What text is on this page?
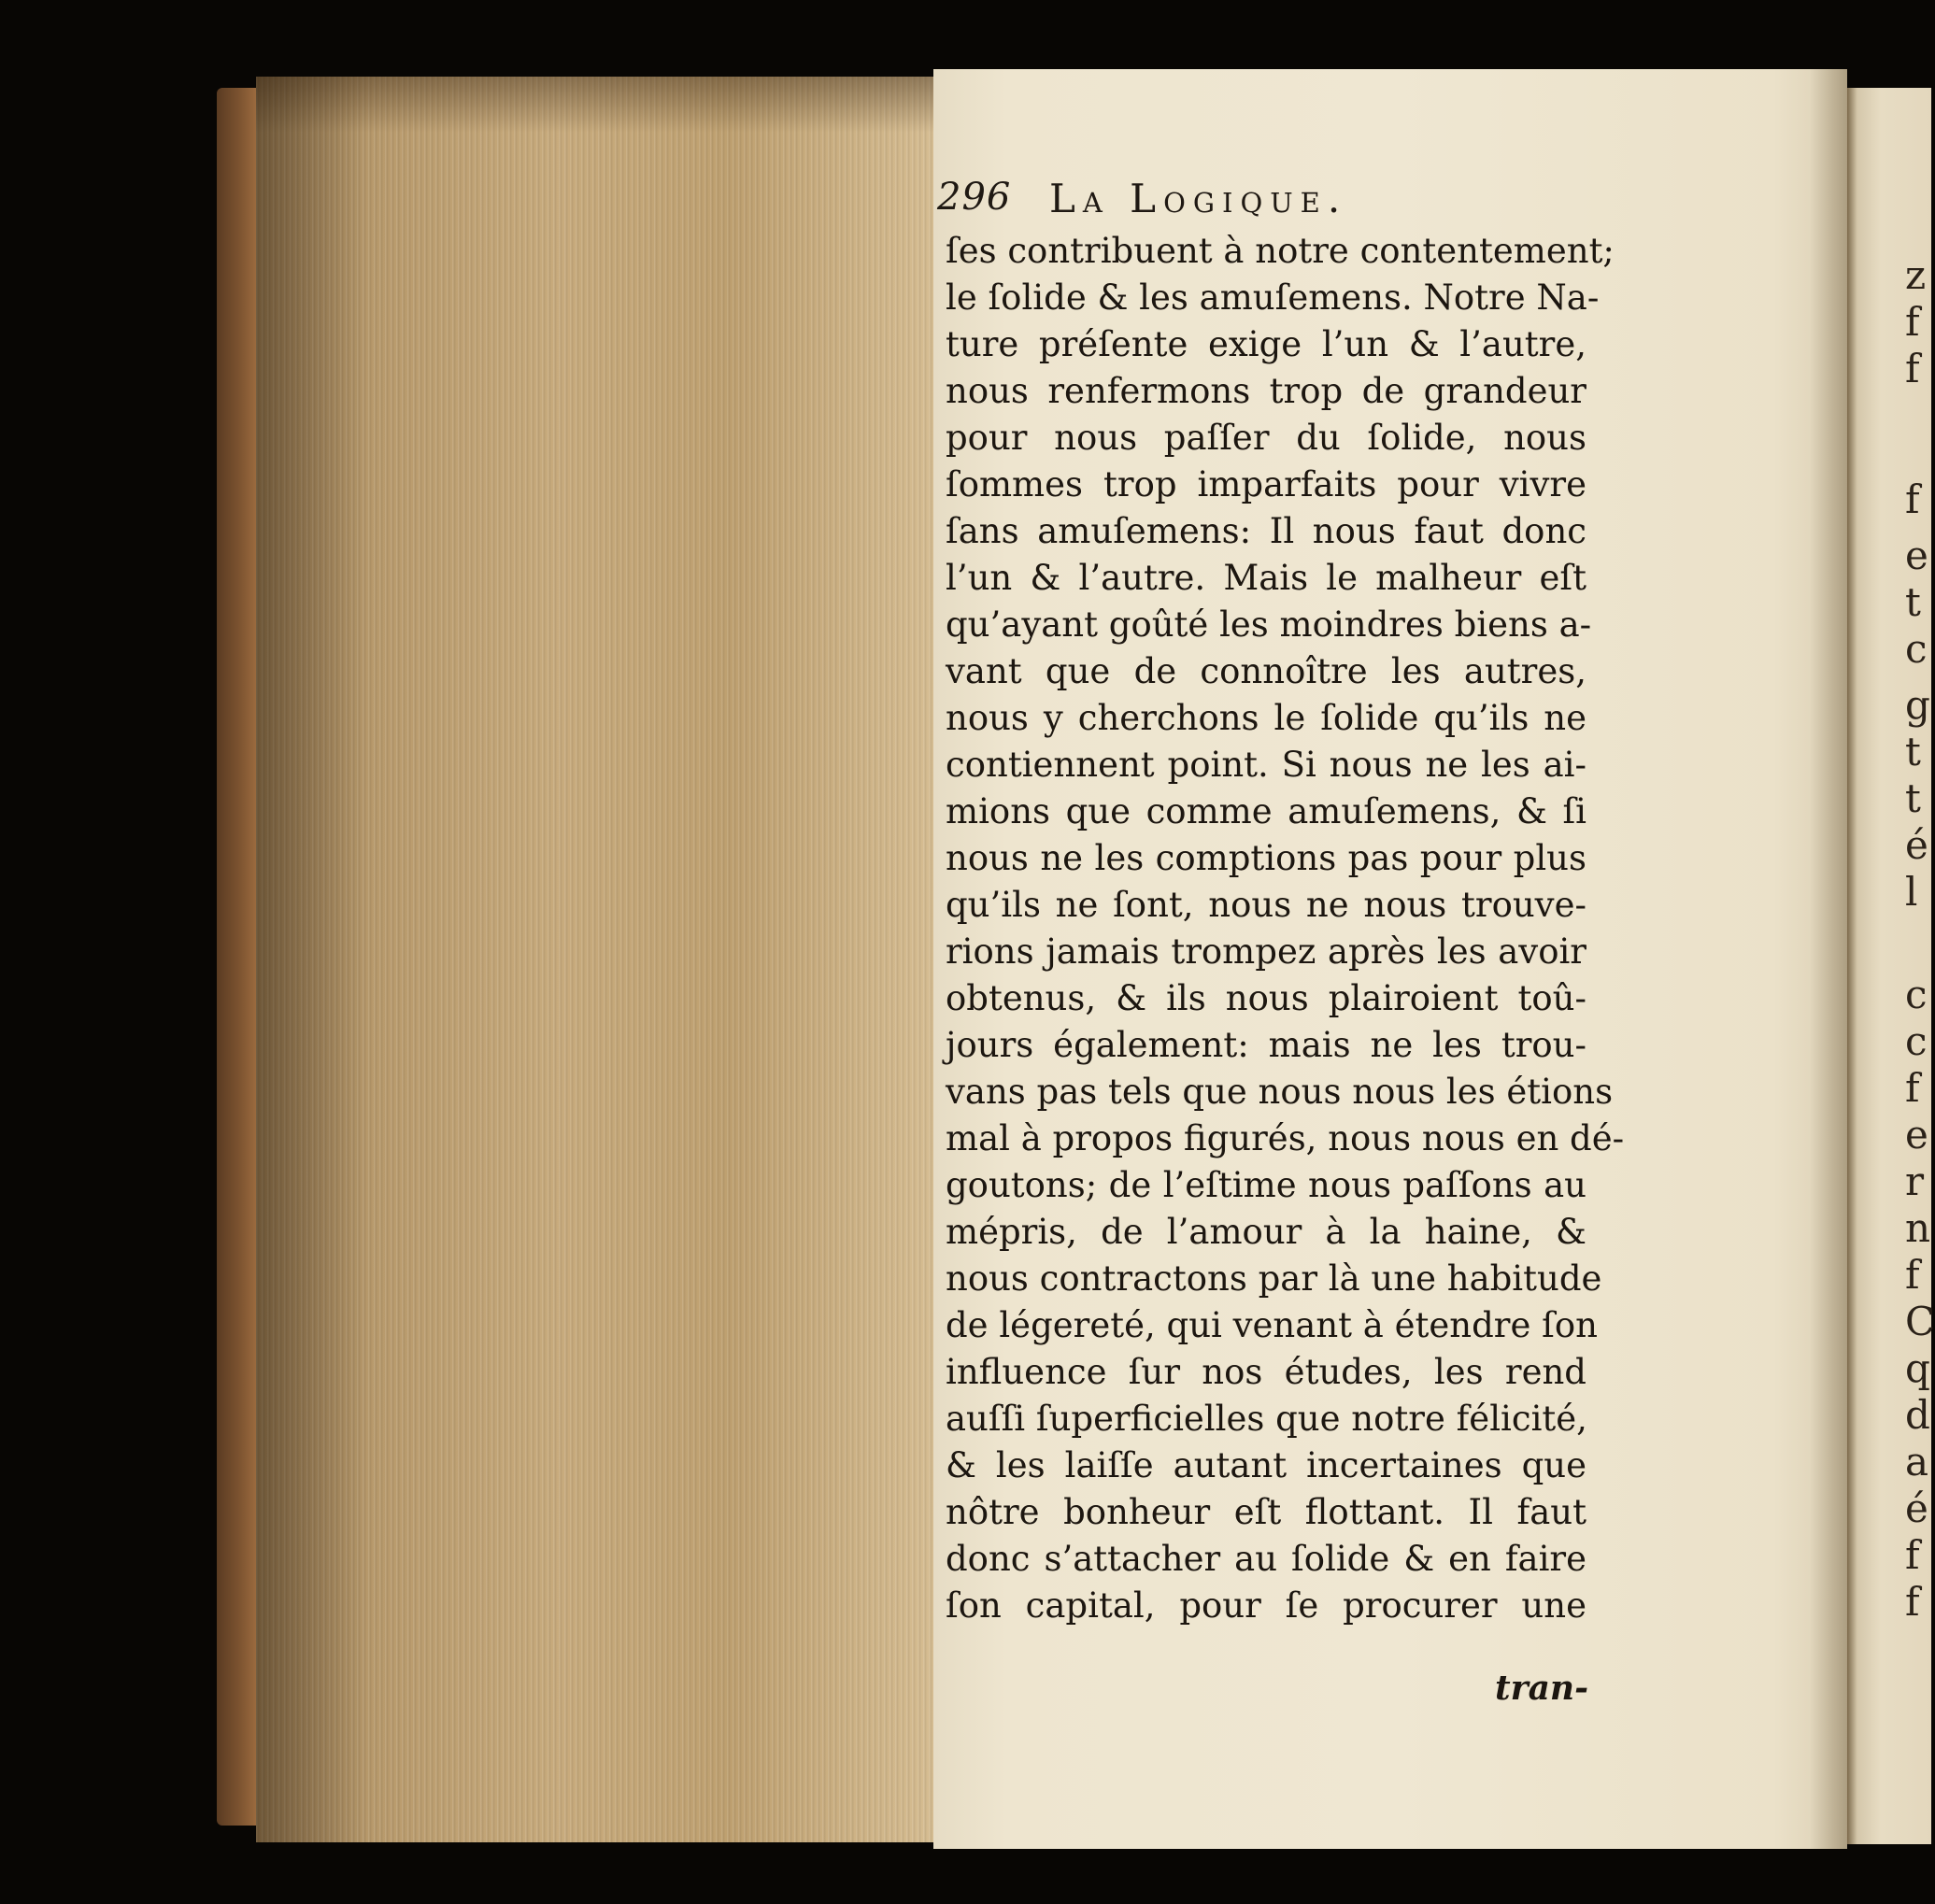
z
f
f
f
e
t
c
g
t
t
é
l
c
c
f
e
r
n
f
C
q
d
a
é
f
f
296 La Logique.
ſes contribuent à notre contentement;
le ſolide & les amuſemens. Notre Na-
ture préſente exige l’un & l’autre,
nous renfermons trop de grandeur
pour nous paſſer du ſolide, nous
ſommes trop imparfaits pour vivre
ſans amuſemens: Il nous faut donc
l’un & l’autre. Mais le malheur eſt
qu’ayant goûté les moindres biens a-
vant que de connoître les autres,
nous y cherchons le ſolide qu’ils ne
contiennent point. Si nous ne les ai-
mions que comme amuſemens, & ſi
nous ne les comptions pas pour plus
qu’ils ne ſont, nous ne nous trouve-
rions jamais trompez après les avoir
obtenus, & ils nous plairoient toû-
jours également: mais ne les trou-
vans pas tels que nous nous les étions
mal à propos figurés, nous nous en dé-
goutons; de l’eſtime nous paſſons au
mépris, de l’amour à la haine, &
nous contractons par là une habitude
de légereté, qui venant à étendre ſon
influence ſur nos études, les rend
auſſi ſuperficielles que notre félicité,
& les laiſſe autant incertaines que
nôtre bonheur eſt flottant. Il faut
donc s’attacher au ſolide & en faire
ſon capital, pour ſe procurer une
tran-
